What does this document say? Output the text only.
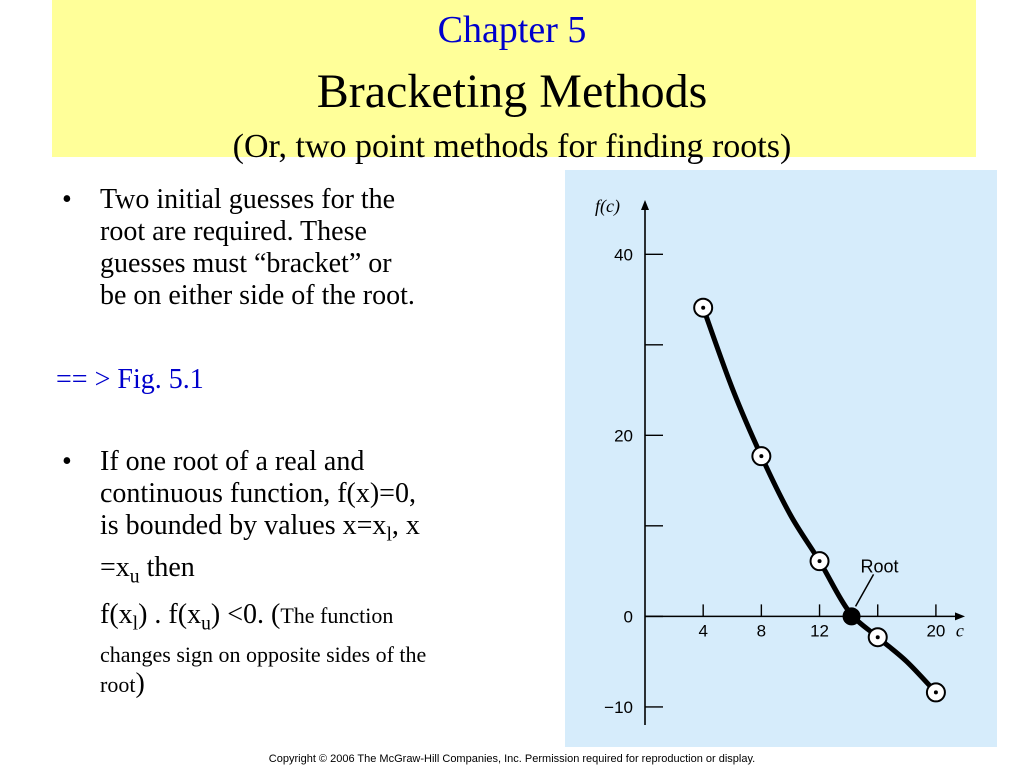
Chapter 5
Bracketing Methods
(Or, two point methods for finding roots)
• Two initial guesses for the
root are required. These
guesses must “bracket” or
be on either side of the root.
== > Fig. 5.1
• If one root of a real and
continuous function, f(x)=0,
is bounded by values $x=x_l$, x
$=x_u$ then
$f(x_l)$ . $f(x_u) <0$. (The function
changes sign on opposite sides of the
root)
−10
0
20
40
4	8	12	20
f(c)
c
Root
Copyright © 2006 The McGraw-Hill Companies, Inc. Permission required for reproduction or display.
